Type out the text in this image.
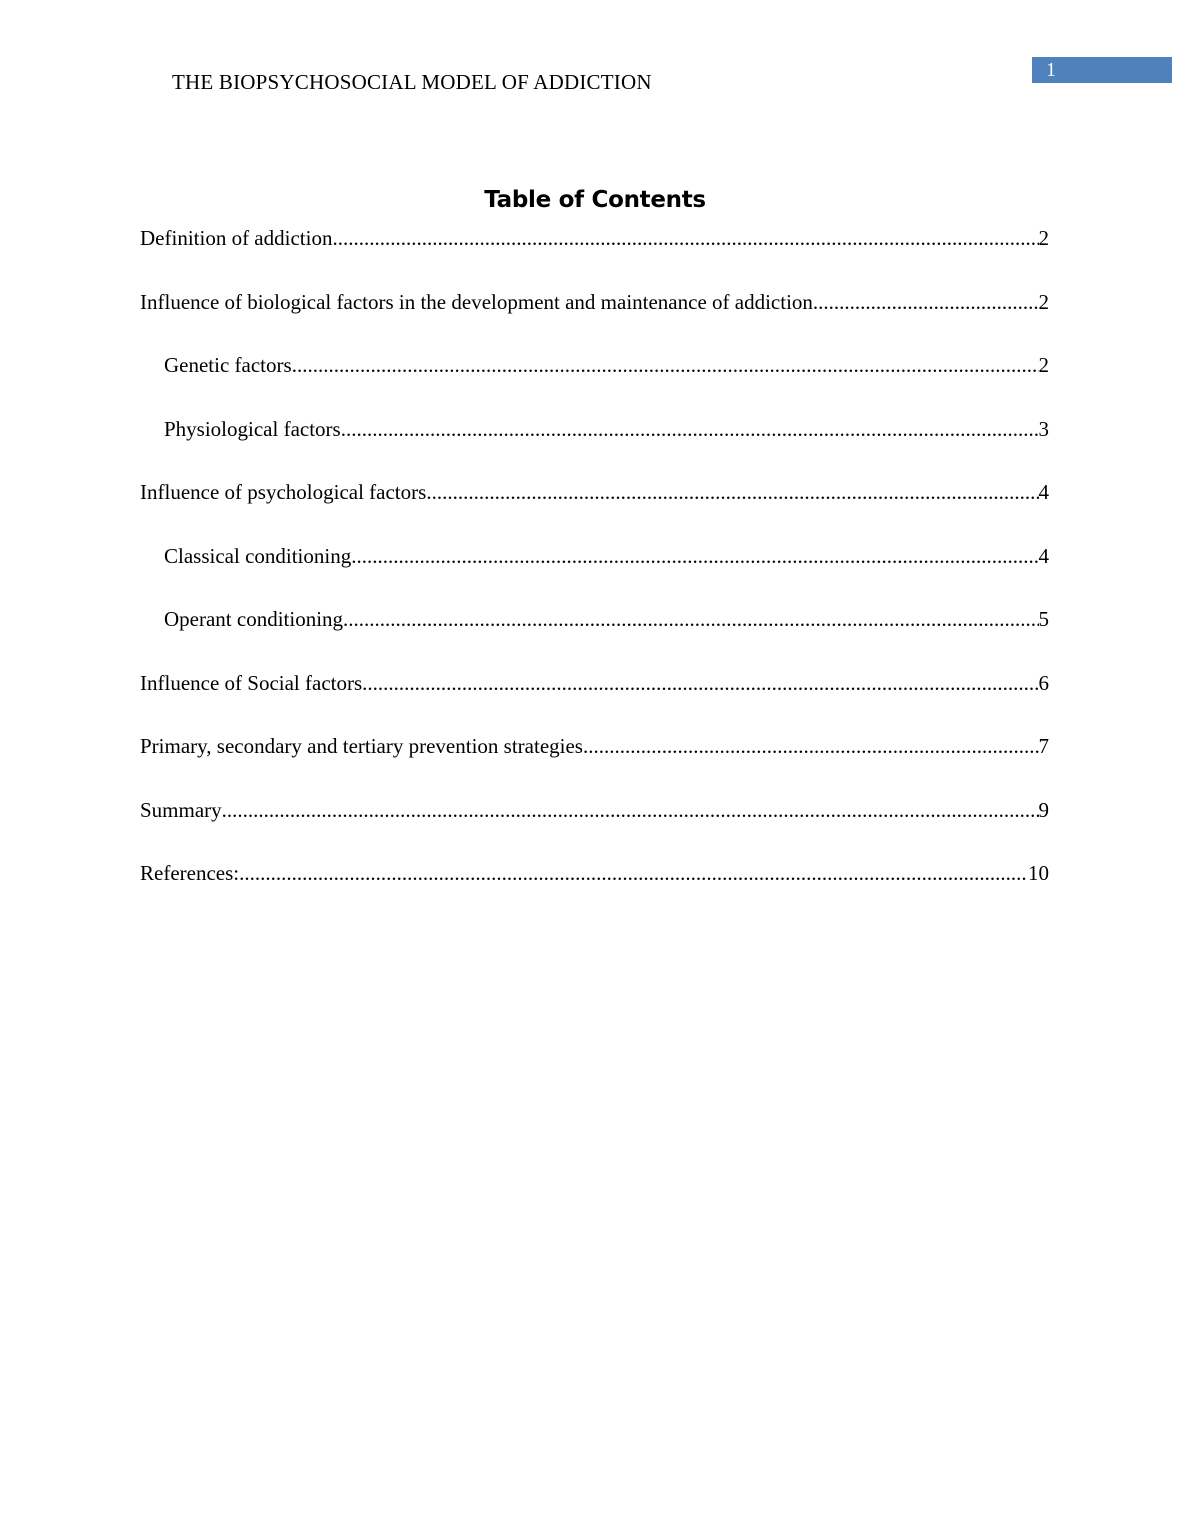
THE BIOPSYCHOSOCIAL MODEL OF ADDICTION	1
Table of Contents
Definition of addiction .....	2
Influence of biological factors in the development and maintenance of addiction .....	2
Genetic factors .....	2
Physiological factors .....	3
Influence of psychological factors .....	4
Classical conditioning .....	4
Operant conditioning .....	5
Influence of Social factors .....	6
Primary, secondary and tertiary prevention strategies .....	7
Summary .....	9
References: .....	10
